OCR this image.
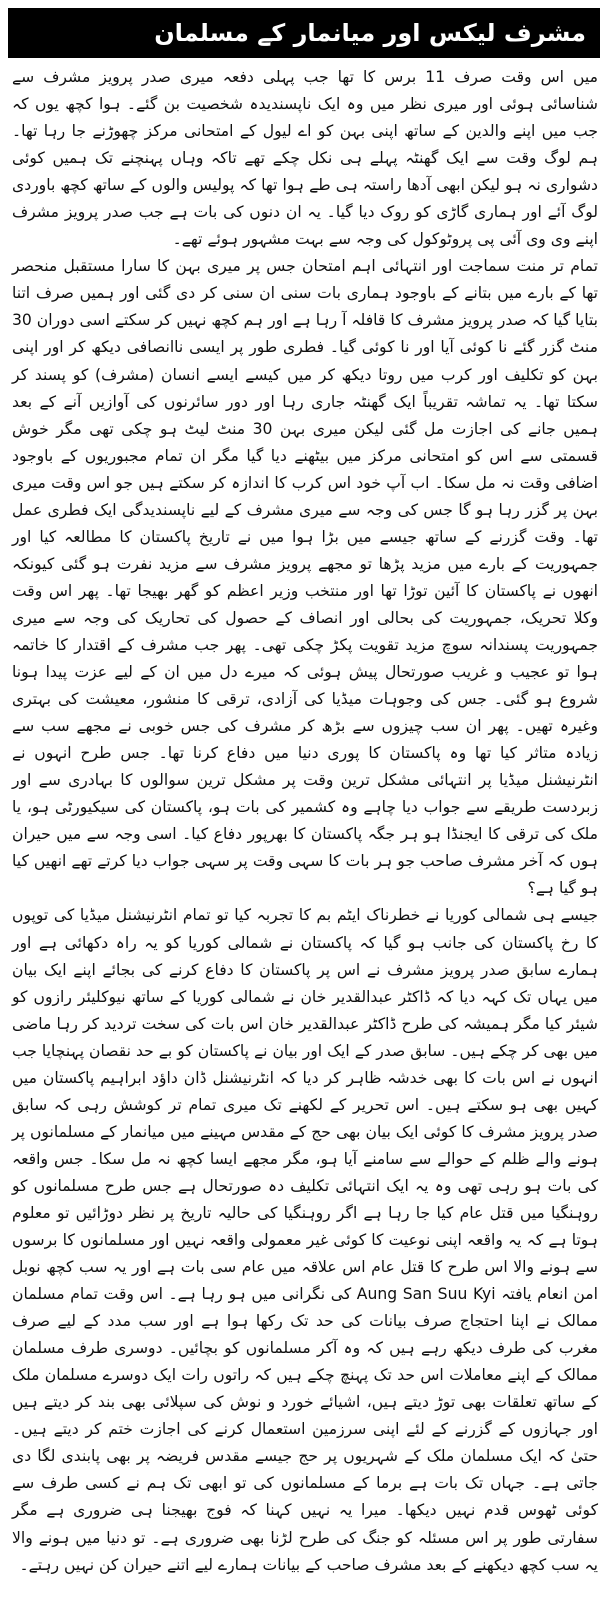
مشرف لیکس اور میانمار کے مسلمان

میں اس وقت صرف 11 برس کا تھا جب پہلی دفعہ میری صدر پرویز مشرف سے شناسائی ہوئی اور میری نظر میں وہ ایک ناپسندیدہ شخصیت بن گئے۔ ہوا کچھ یوں کہ جب میں اپنے والدین کے ساتھ اپنی بہن کو اے لیول کے امتحانی مرکز چھوڑنے جا رہا تھا۔ ہم لوگ وقت سے ایک گھنٹہ پہلے ہی نکل چکے تھے تاکہ وہاں پہنچنے تک ہمیں کوئی دشواری نہ ہو لیکن ابھی آدھا راستہ ہی طے ہوا تھا کہ پولیس والوں کے ساتھ کچھ باوردی لوگ آئے اور ہماری گاڑی کو روک دیا گیا۔ یہ ان دنوں کی بات ہے جب صدر پرویز مشرف اپنے وی وی آئی پی پروٹوکول کی وجہ سے بہت مشہور ہوئے تھے۔

تمام تر منت سماجت اور انتہائی اہم امتحان جس پر میری بہن کا سارا مستقبل منحصر تھا کے بارے میں بتانے کے باوجود ہماری بات سنی ان سنی کر دی گئی اور ہمیں صرف اتنا بتایا گیا کہ صدر پرویز مشرف کا قافلہ آ رہا ہے اور ہم کچھ نہیں کر سکتے اسی دوران 30 منٹ گزر گئے نا کوئی آیا اور نا کوئی گیا۔ فطری طور پر ایسی ناانصافی دیکھ کر اور اپنی بہن کو تکلیف اور کرب میں روتا دیکھ کر میں کیسے ایسے انسان (مشرف) کو پسند کر سکتا تھا۔ یہ تماشہ تقریباً ایک گھنٹہ جاری رہا اور دور سائرنوں کی آوازیں آنے کے بعد ہمیں جانے کی اجازت مل گئی لیکن میری بہن 30 منٹ لیٹ ہو چکی تھی مگر خوش قسمتی سے اس کو امتحانی مرکز میں بیٹھنے دیا گیا مگر ان تمام مجبوریوں کے باوجود اضافی وقت نہ مل سکا۔ اب آپ خود اس کرب کا اندازہ کر سکتے ہیں جو اس وقت میری بہن پر گزر رہا ہو گا جس کی وجہ سے میری مشرف کے لیے ناپسندیدگی ایک فطری عمل تھا۔ وقت گزرنے کے ساتھ جیسے میں بڑا ہوا میں نے تاریخ پاکستان کا مطالعہ کیا اور جمہوریت کے بارے میں مزید پڑھا تو مجھے پرویز مشرف سے مزید نفرت ہو گئی کیونکہ انھوں نے پاکستان کا آئین توڑا تھا اور منتخب وزیر اعظم کو گھر بھیجا تھا۔ پھر اس وقت وکلا تحریک، جمہوریت کی بحالی اور انصاف کے حصول کی تحاریک کی وجہ سے میری جمہوریت پسندانہ سوچ مزید تقویت پکڑ چکی تھی۔ پھر جب مشرف کے اقتدار کا خاتمہ ہوا تو عجیب و غریب صورتحال پیش ہوئی کہ میرے دل میں ان کے لیے عزت پیدا ہونا شروع ہو گئی۔ جس کی وجوہات میڈیا کی آزادی، ترقی کا منشور، معیشت کی بہتری وغیرہ تھیں۔ پھر ان سب چیزوں سے بڑھ کر مشرف کی جس خوبی نے مجھے سب سے زیادہ متاثر کیا تھا وہ پاکستان کا پوری دنیا میں دفاع کرنا تھا۔ جس طرح انہوں نے انٹرنیشنل میڈیا پر انتہائی مشکل ترین وقت پر مشکل ترین سوالوں کا بہادری سے اور زبردست طریقے سے جواب دیا چاہے وہ کشمیر کی بات ہو، پاکستان کی سیکیورٹی ہو، یا ملک کی ترقی کا ایجنڈا ہو ہر جگہ پاکستان کا بھرپور دفاع کیا۔ اسی وجہ سے میں حیران ہوں کہ آخر مشرف صاحب جو ہر بات کا سہی وقت پر سہی جواب دیا کرتے تھے انھیں کیا ہو گیا ہے؟

جیسے ہی شمالی کوریا نے خطرناک ایٹم بم کا تجربہ کیا تو تمام انٹرنیشنل میڈیا کی توپوں کا رخ پاکستان کی جانب ہو گیا کہ پاکستان نے شمالی کوریا کو یہ راہ دکھائی ہے اور ہمارے سابق صدر پرویز مشرف نے اس پر پاکستان کا دفاع کرنے کی بجائے اپنے ایک بیان میں یہاں تک کہہ دیا کہ ڈاکٹر عبدالقدیر خان نے شمالی کوریا کے ساتھ نیوکلیئر رازوں کو شیئر کیا مگر ہمیشہ کی طرح ڈاکٹر عبدالقدیر خان اس بات کی سخت تردید کر رہا ماضی میں بھی کر چکے ہیں۔ سابق صدر کے ایک اور بیان نے پاکستان کو بے حد نقصان پہنچایا جب انہوں نے اس بات کا بھی خدشہ ظاہر کر دیا کہ انٹرنیشنل ڈان داؤد ابراہیم پاکستان میں کہیں بھی ہو سکتے ہیں۔ اس تحریر کے لکھنے تک میری تمام تر کوشش رہی کہ سابق صدر پرویز مشرف کا کوئی ایک بیان بھی حج کے مقدس مہینے میں میانمار کے مسلمانوں پر ہونے والے ظلم کے حوالے سے سامنے آیا ہو، مگر مجھے ایسا کچھ نہ مل سکا۔ جس واقعہ کی بات ہو رہی تھی وہ یہ ایک انتہائی تکلیف دہ صورتحال ہے جس طرح مسلمانوں کو روہنگیا میں قتل عام کیا جا رہا ہے اگر روہنگیا کی حالیہ تاریخ پر نظر دوڑائیں تو معلوم ہوتا ہے کہ یہ واقعہ اپنی نوعیت کا کوئی غیر معمولی واقعہ نہیں اور مسلمانوں کا برسوں سے ہونے والا اس طرح کا قتل عام اس علاقہ میں عام سی بات ہے اور یہ سب کچھ نوبل امن انعام یافتہ Aung San Suu Kyi کی نگرانی میں ہو رہا ہے۔ اس وقت تمام مسلمان ممالک نے اپنا احتجاج صرف بیانات کی حد تک رکھا ہوا ہے اور سب مدد کے لیے صرف مغرب کی طرف دیکھ رہے ہیں کہ وہ آکر مسلمانوں کو بچائیں۔ دوسری طرف مسلمان ممالک کے اپنے معاملات اس حد تک پہنچ چکے ہیں کہ راتوں رات ایک دوسرے مسلمان ملک کے ساتھ تعلقات بھی توڑ دیتے ہیں، اشیائے خورد و نوش کی سپلائی بھی بند کر دیتے ہیں اور جہازوں کے گزرنے کے لئے اپنی سرزمین استعمال کرنے کی اجازت ختم کر دیتے ہیں۔ حتیٰ کہ ایک مسلمان ملک کے شہریوں پر حج جیسے مقدس فریضہ پر بھی پابندی لگا دی جاتی ہے۔ جہاں تک بات ہے برما کے مسلمانوں کی تو ابھی تک ہم نے کسی طرف سے کوئی ٹھوس قدم نہیں دیکھا۔ میرا یہ نہیں کہنا کہ فوج بھیجنا ہی ضروری ہے مگر سفارتی طور پر اس مسئلہ کو جنگ کی طرح لڑنا بھی ضروری ہے۔ تو دنیا میں ہونے والا یہ سب کچھ دیکھنے کے بعد مشرف صاحب کے بیانات ہمارے لیے اتنے حیران کن نہیں رہتے۔
